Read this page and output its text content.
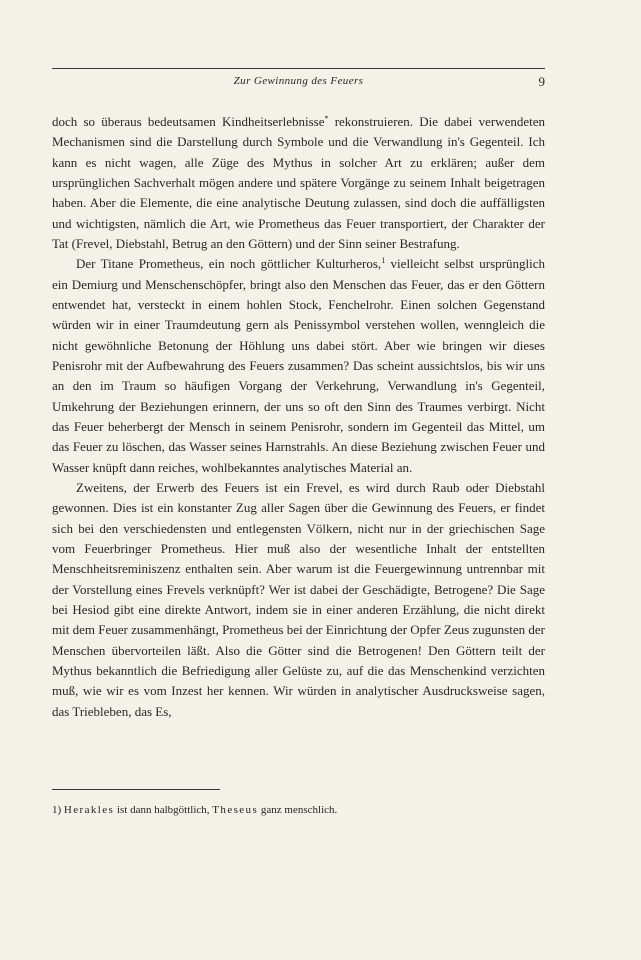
Zur Gewinnung des Feuers	9

doch so überaus bedeutsamen Kindheitserlebnisse* rekonstruieren. Die dabei verwendeten Mechanismen sind die Darstellung durch Symbole und die Verwandlung in's Gegenteil. Ich kann es nicht wagen, alle Züge des Mythus in solcher Art zu erklären; außer dem ursprünglichen Sachverhalt mögen andere und spätere Vorgänge zu seinem Inhalt beigetragen haben. Aber die Elemente, die eine analytische Deutung zulassen, sind doch die auffälligsten und wichtigsten, nämlich die Art, wie Prometheus das Feuer transportiert, der Charakter der Tat (Frevel, Diebstahl, Betrug an den Göttern) und der Sinn seiner Bestrafung.

Der Titane Prometheus, ein noch göttlicher Kulturheros,$^1$ vielleicht selbst ursprünglich ein Demiurg und Menschenschöpfer, bringt also den Menschen das Feuer, das er den Göttern entwendet hat, versteckt in einem hohlen Stock, Fenchelrohr. Einen solchen Gegenstand würden wir in einer Traumdeutung gern als Penissymbol verstehen wollen, wenngleich die nicht gewöhnliche Betonung der Höhlung uns dabei stört. Aber wie bringen wir dieses Penisrohr mit der Aufbewahrung des Feuers zusammen? Das scheint aussichtslos, bis wir uns an den im Traum so häufigen Vorgang der Verkehrung, Verwandlung in's Gegenteil, Umkehrung der Beziehungen erinnern, der uns so oft den Sinn des Traumes verbirgt. Nicht das Feuer beherbergt der Mensch in seinem Penisrohr, sondern im Gegenteil das Mittel, um das Feuer zu löschen, das Wasser seines Harnstrahls. An diese Beziehung zwischen Feuer und Wasser knüpft dann reiches, wohlbekanntes analytisches Material an.

Zweitens, der Erwerb des Feuers ist ein Frevel, es wird durch Raub oder Diebstahl gewonnen. Dies ist ein konstanter Zug aller Sagen über die Gewinnung des Feuers, er findet sich bei den verschiedensten und entlegensten Völkern, nicht nur in der griechischen Sage vom Feuerbringer Prometheus. Hier muß also der wesentliche Inhalt der entstellten Menschheitsreminiszenz enthalten sein. Aber warum ist die Feuergewinnung untrennbar mit der Vorstellung eines Frevels verknüpft? Wer ist dabei der Geschädigte, Betrogene? Die Sage bei Hesiod gibt eine direkte Antwort, indem sie in einer anderen Erzählung, die nicht direkt mit dem Feuer zusammenhängt, Prometheus bei der Einrichtung der Opfer Zeus zugunsten der Menschen übervorteilen läßt. Also die Götter sind die Betrogenen! Den Göttern teilt der Mythus bekanntlich die Befriedigung aller Gelüste zu, auf die das Menschenkind verzichten muß, wie wir es vom Inzest her kennen. Wir würden in analytischer Ausdrucksweise sagen, das Triebleben, das Es,

1) Herakles ist dann halbgöttlich, Theseus ganz menschlich.
